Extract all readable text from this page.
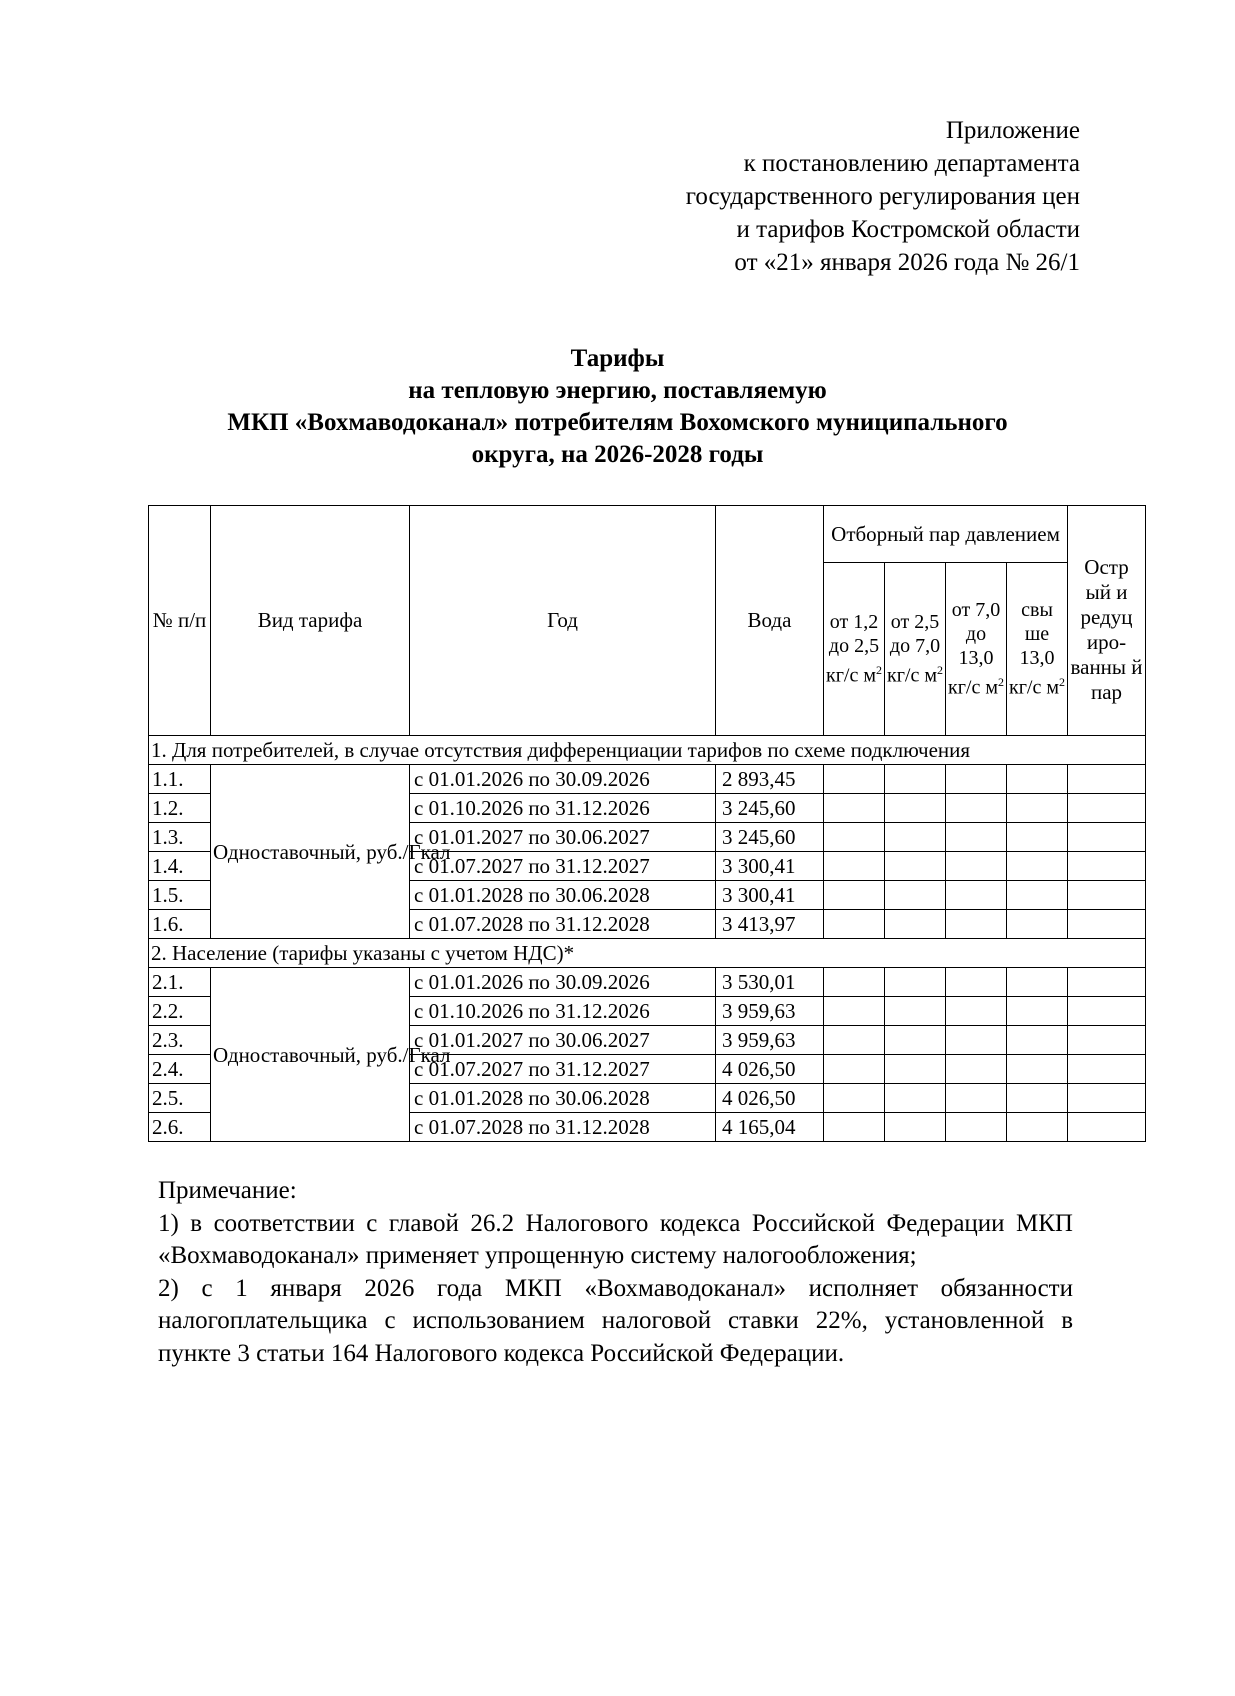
Приложение
к постановлению департамента
государственного регулирования цен
и тарифов Костромской области
от «21» января 2026 года № 26/1
Тарифы
на тепловую энергию, поставляемую
МКП «Вохмаводоканал» потребителям Вохомского муниципального
округа, на 2026-2028 годы
№ п/п	Вид тарифа	Год	Вода	Отборный пар давлением				Остр ый и редуц иро- ванны й пар
				от 1,2 до 2,5 кг/с $м^2$	от 2,5 до 7,0 кг/с $м^2$	от 7,0 до 13,0 кг/с $м^2$	свы ше 13,0 кг/с $м^2$
1. Для потребителей, в случае отсутствия дифференциации тарифов по схеме подключения								
1.1.	Одноставочный, руб./Гкал	с 01.01.2026 по 30.09.2026	2 893,45					
1.2.		с 01.10.2026 по 31.12.2026	3 245,60					
1.3.		с 01.01.2027 по 30.06.2027	3 245,60					
1.4.		с 01.07.2027 по 31.12.2027	3 300,41					
1.5.		с 01.01.2028 по 30.06.2028	3 300,41					
1.6.		с 01.07.2028 по 31.12.2028	3 413,97					
2. Население (тарифы указаны с учетом НДС)*								
2.1.	Одноставочный, руб./Гкал	с 01.01.2026 по 30.09.2026	3 530,01					
2.2.		с 01.10.2026 по 31.12.2026	3 959,63					
2.3.		с 01.01.2027 по 30.06.2027	3 959,63					
2.4.		с 01.07.2027 по 31.12.2027	4 026,50					
2.5.		с 01.01.2028 по 30.06.2028	4 026,50					
2.6.		с 01.07.2028 по 31.12.2028	4 165,04					

Примечание:

1) в соответствии с главой 26.2 Налогового кодекса Российской Федерации МКП «Вохмаводоканал» применяет упрощенную систему налогообложения;

2) с 1 января 2026 года МКП «Вохмаводоканал» исполняет обязанности налогоплательщика с использованием налоговой ставки 22%, установленной в пункте 3 статьи 164 Налогового кодекса Российской Федерации.
